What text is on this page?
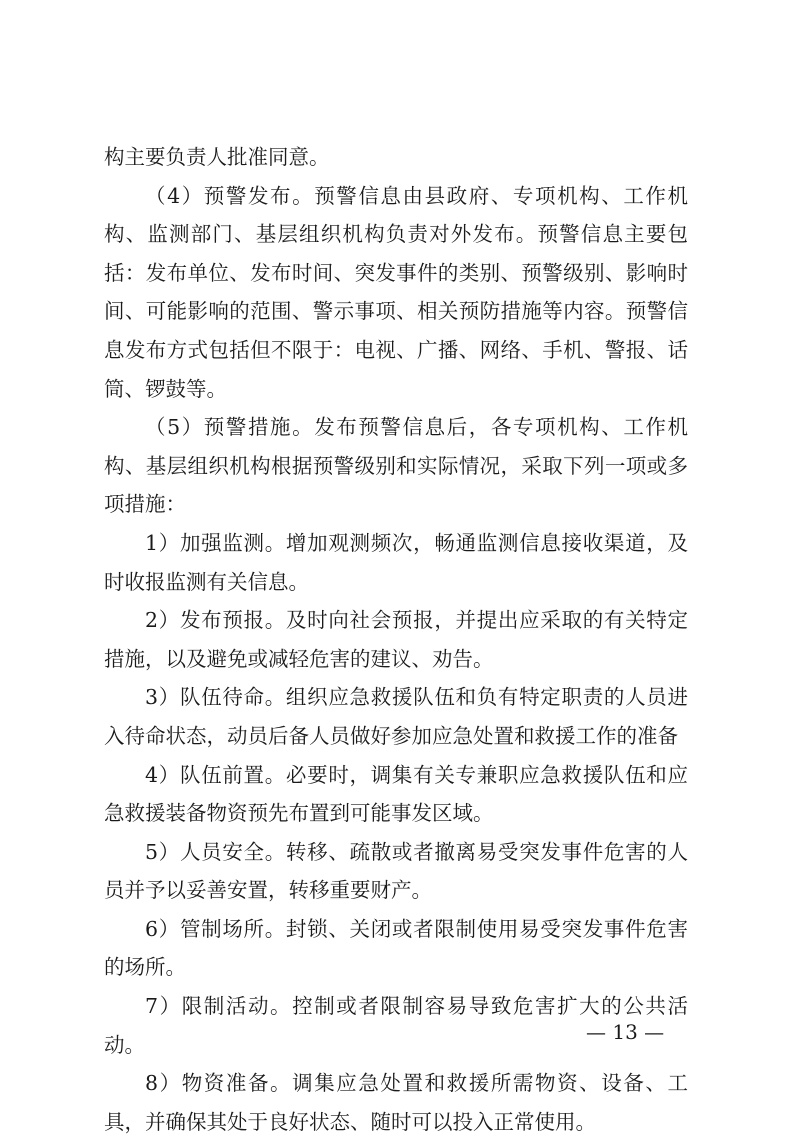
构主要负责人批准同意。

（4）预警发布。预警信息由县政府、专项机构、工作机构、监测部门、基层组织机构负责对外发布。预警信息主要包括：发布单位、发布时间、突发事件的类别、预警级别、影响时间、可能影响的范围、警示事项、相关预防措施等内容。预警信息发布方式包括但不限于：电视、广播、网络、手机、警报、话筒、锣鼓等。

（5）预警措施。发布预警信息后，各专项机构、工作机构、基层组织机构根据预警级别和实际情况，采取下列一项或多项措施：

1）加强监测。增加观测频次，畅通监测信息接收渠道，及时收报监测有关信息。

2）发布预报。及时向社会预报，并提出应采取的有关特定措施，以及避免或减轻危害的建议、劝告。

3）队伍待命。组织应急救援队伍和负有特定职责的人员进入待命状态，动员后备人员做好参加应急处置和救援工作的准备

4）队伍前置。必要时，调集有关专兼职应急救援队伍和应急救援装备物资预先布置到可能事发区域。

5）人员安全。转移、疏散或者撤离易受突发事件危害的人员并予以妥善安置，转移重要财产。

6）管制场所。封锁、关闭或者限制使用易受突发事件危害的场所。

7）限制活动。控制或者限制容易导致危害扩大的公共活动。

8）物资准备。调集应急处置和救援所需物资、设备、工具，并确保其处于良好状态、随时可以投入正常使用。

— 13 —
